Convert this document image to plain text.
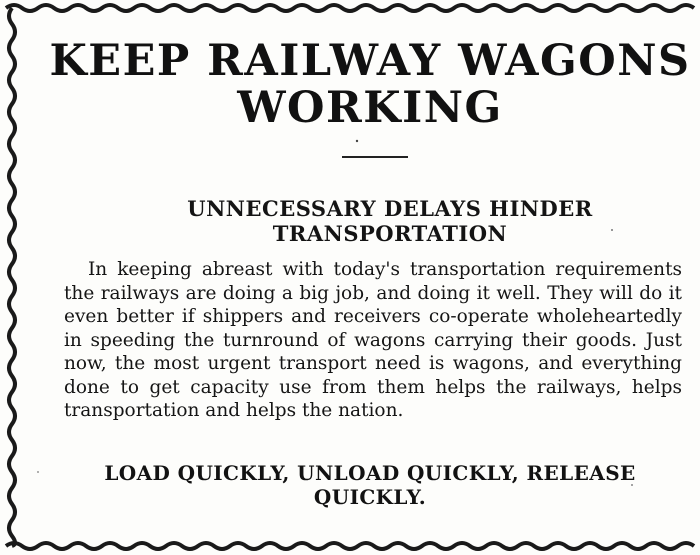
KEEP RAILWAY WAGONS WORKING
UNNECESSARY DELAYS HINDER TRANSPORTATION
In keeping abreast with today's transportation requirements the railways are doing a big job, and doing it well. They will do it even better if shippers and receivers co-operate wholeheartedly in speeding the turnround of wagons carrying their goods. Just now, the most urgent transport need is wagons, and everything done to get capacity use from them helps the railways, helps transportation and helps the nation.
LOAD QUICKLY, UNLOAD QUICKLY, RELEASE QUICKLY.
